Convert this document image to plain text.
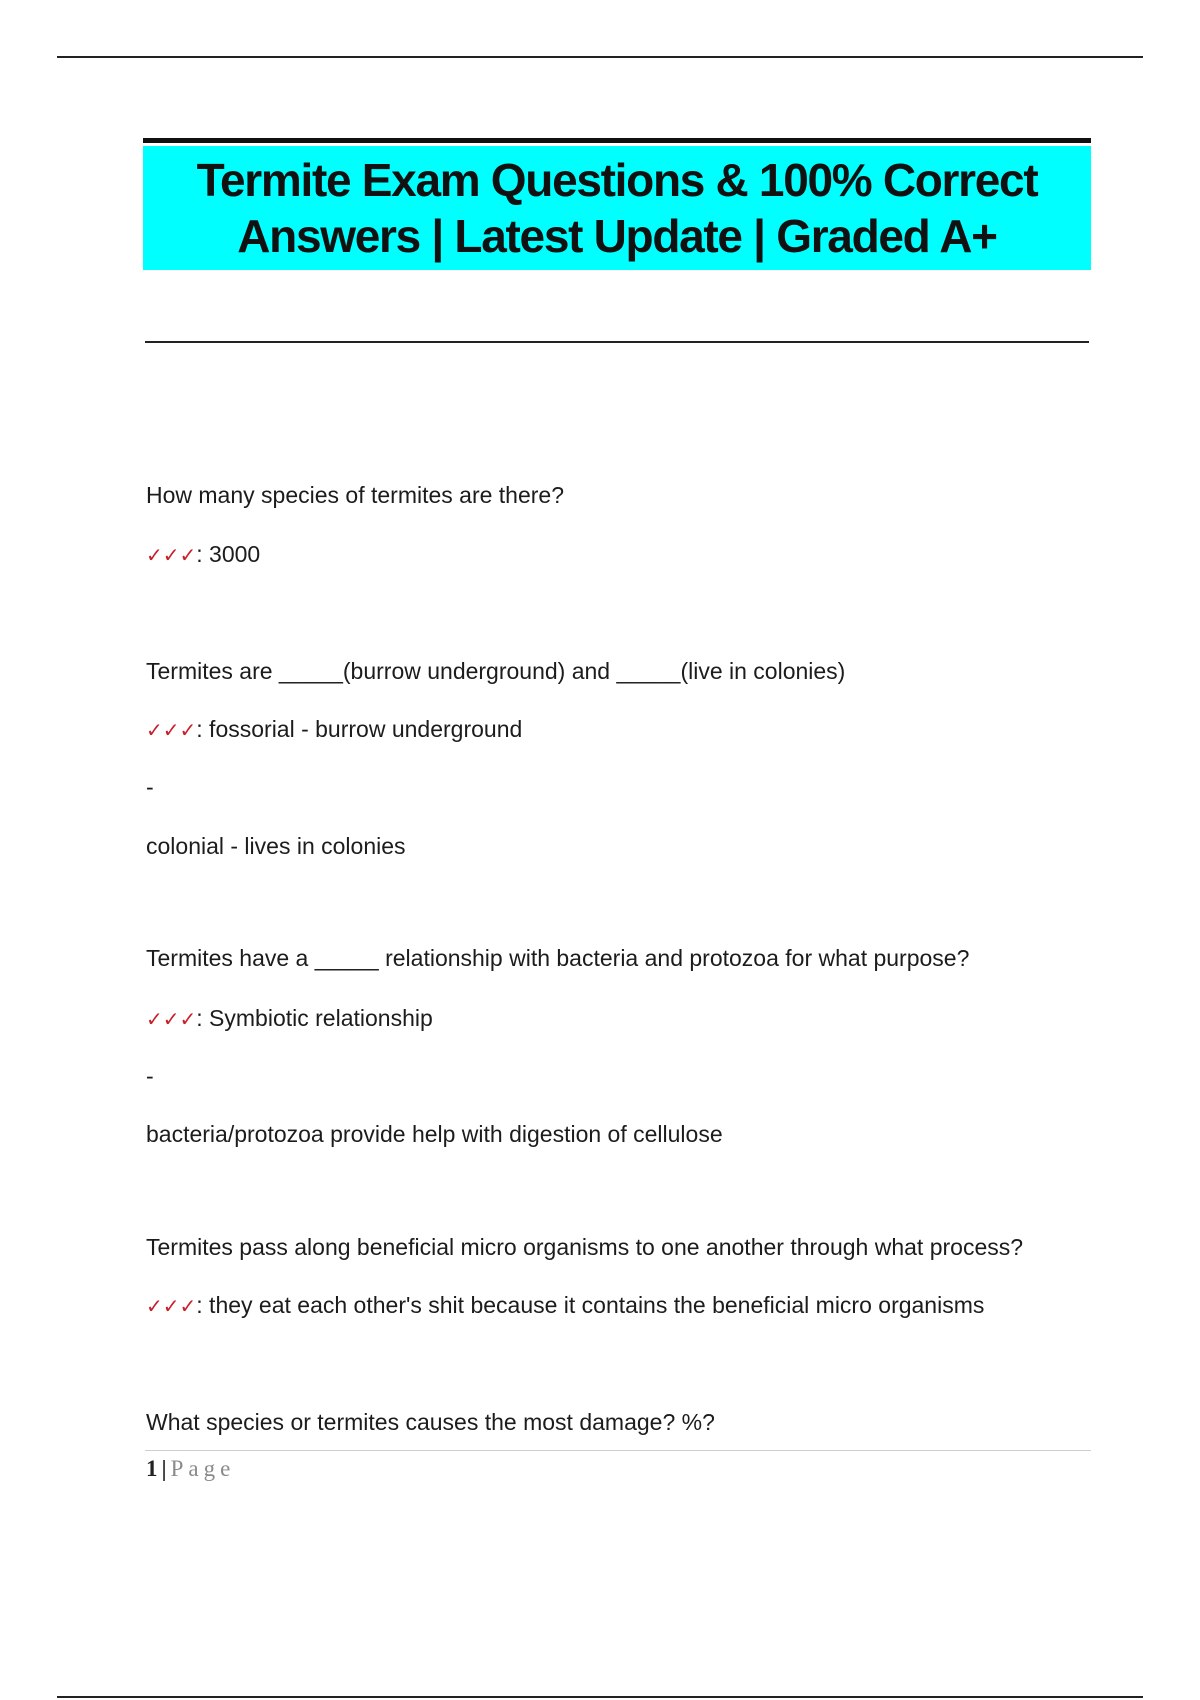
Termite Exam Questions & 100% Correct
Answers | Latest Update | Graded A+
How many species of termites are there?
✓✓✓: 3000
Termites are _____(burrow underground) and _____(live in colonies)
✓✓✓: fossorial - burrow underground
-
colonial - lives in colonies
Termites have a _____ relationship with bacteria and protozoa for what purpose?
✓✓✓: Symbiotic relationship
-
bacteria/protozoa provide help with digestion of cellulose
Termites pass along beneficial micro organisms to one another through what process?
✓✓✓: they eat each other's shit because it contains the beneficial micro organisms
What species or termites causes the most damage? %?
1 | Page
